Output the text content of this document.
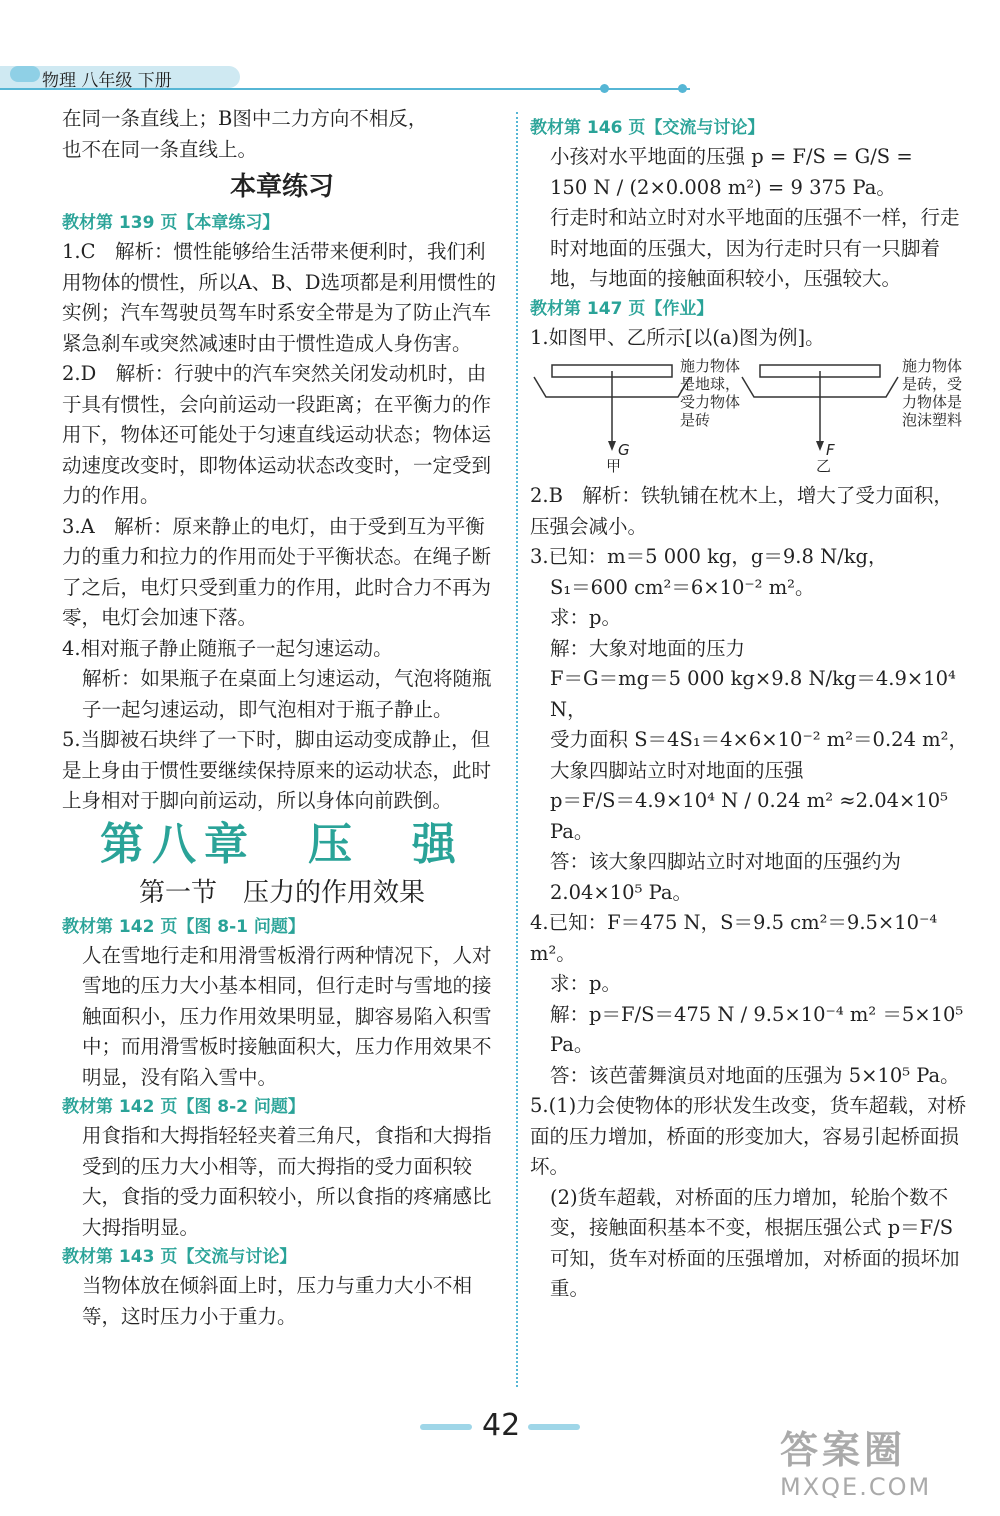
物理 八年级 下册

在同一条直线上；B图中二力方向不相反，

也不在同一条直线上。

本章练习
教材第 139 页【本章练习】

1.C　解析：惯性能够给生活带来便利时，我们利用物体的惯性，所以A、B、D选项都是利用惯性的实例；汽车驾驶员驾车时系安全带是为了防止汽车紧急刹车或突然减速时由于惯性造成人身伤害。

2.D　解析：行驶中的汽车突然关闭发动机时，由于具有惯性，会向前运动一段距离；在平衡力的作用下，物体还可能处于匀速直线运动状态；物体运动速度改变时，即物体运动状态改变时，一定受到力的作用。

3.A　解析：原来静止的电灯，由于受到互为平衡力的重力和拉力的作用而处于平衡状态。在绳子断了之后，电灯只受到重力的作用，此时合力不再为零，电灯会加速下落。

4.相对瓶子静止随瓶子一起匀速运动。

解析：如果瓶子在桌面上匀速运动，气泡将随瓶子一起匀速运动，即气泡相对于瓶子静止。

5.当脚被石块绊了一下时，脚由运动变成静止，但是上身由于惯性要继续保持原来的运动状态，此时上身相对于脚向前运动，所以身体向前跌倒。

第八章　压　强
第一节　压力的作用效果
教材第 142 页【图 8-1 问题】

人在雪地行走和用滑雪板滑行两种情况下，人对雪地的压力大小基本相同，但行走时与雪地的接触面积小，压力作用效果明显，脚容易陷入积雪中；而用滑雪板时接触面积大，压力作用效果不明显，没有陷入雪中。

教材第 142 页【图 8-2 问题】

用食指和大拇指轻轻夹着三角尺，食指和大拇指受到的压力大小相等，而大拇指的受力面积较大，食指的受力面积较小，所以食指的疼痛感比大拇指明显。

教材第 143 页【交流与讨论】

当物体放在倾斜面上时，压力与重力大小不相等，这时压力小于重力。

教材第 146 页【交流与讨论】

小孩对水平地面的压强 p = F/S = G/S =

150 N / (2×0.008 m²) = 9 375 Pa。

行走时和站立时对水平地面的压强不一样，行走时对地面的压强大，因为行走时只有一只脚着地，与地面的接触面积较小，压强较大。

教材第 147 页【作业】

1.如图甲、乙所示[以(a)图为例]。

G
甲
施力物体是地球，受力物体是砖
F
乙
施力物体是砖，受力物体是泡沫塑料

2.B　解析：铁轨铺在枕木上，增大了受力面积，压强会减小。

3.已知：m＝5 000 kg，g＝9.8 N/kg，

S₁＝600 cm²＝6×10⁻² m²。

求：p。

解：大象对地面的压力

F＝G＝mg＝5 000 kg×9.8 N/kg＝4.9×10⁴ N，

受力面积 S＝4S₁＝4×6×10⁻² m²＝0.24 m²，

大象四脚站立时对地面的压强

p＝F/S＝4.9×10⁴ N / 0.24 m² ≈2.04×10⁵ Pa。

答：该大象四脚站立时对地面的压强约为 2.04×10⁵ Pa。

4.已知：F＝475 N，S＝9.5 cm²＝9.5×10⁻⁴ m²。

求：p。

解：p＝F/S＝475 N / 9.5×10⁻⁴ m² ＝5×10⁵ Pa。

答：该芭蕾舞演员对地面的压强为 5×10⁵ Pa。

5.(1)力会使物体的形状发生改变，货车超载，对桥面的压力增加，桥面的形变加大，容易引起桥面损坏。

(2)货车超载，对桥面的压力增加，轮胎个数不变，接触面积基本不变，根据压强公式 p＝F/S 可知，货车对桥面的压强增加，对桥面的损坏加重。

42
答案圈
MXQE.COM
